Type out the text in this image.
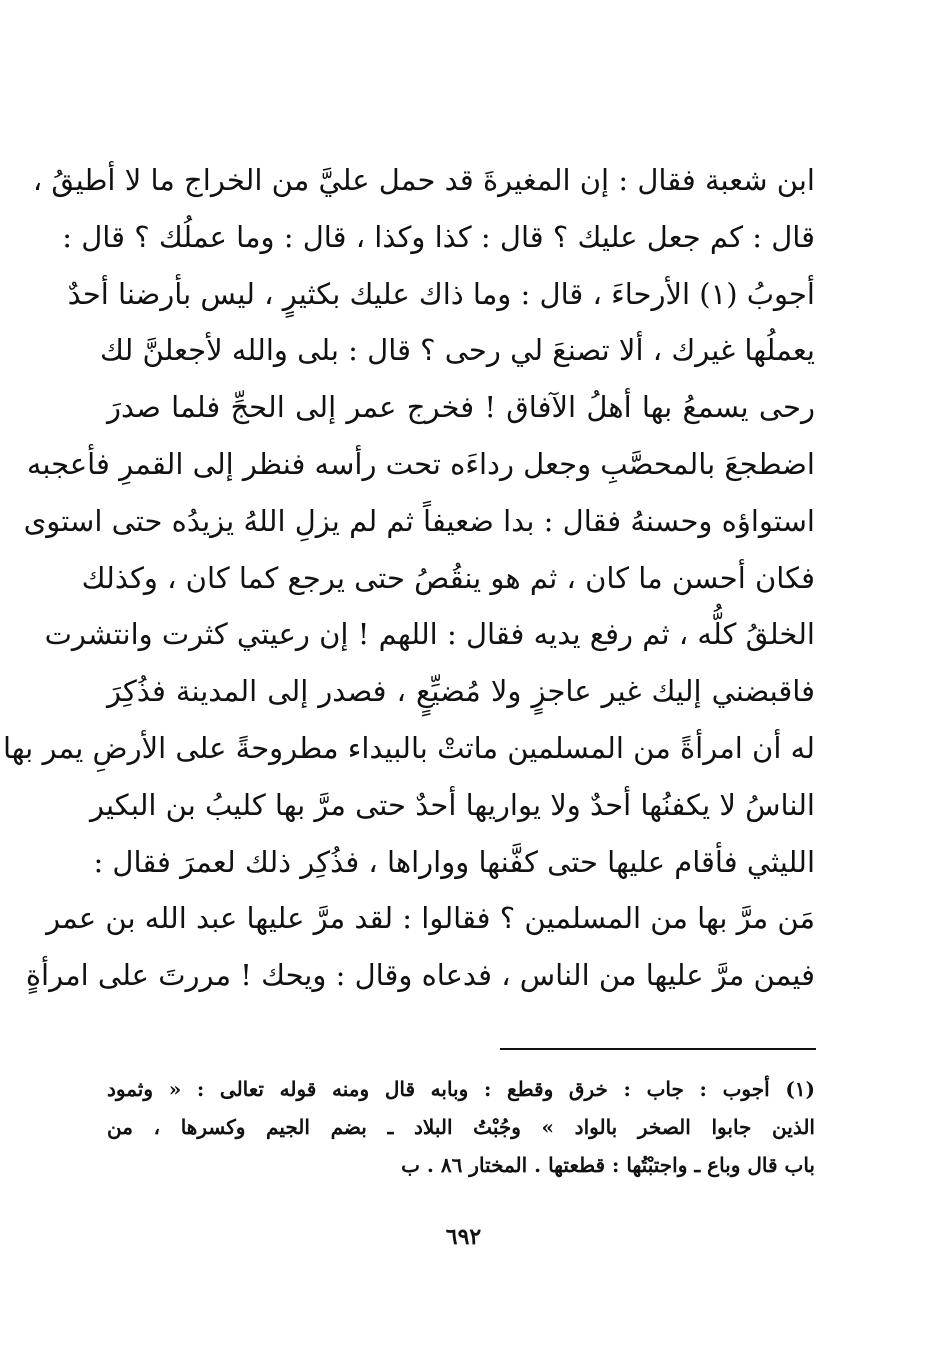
ابن شعبة فقال : إن المغيرةَ قد حمل عليَّ من الخراج ما لا أطيقُ ،
قال : كم جعل عليك ؟ قال : كذا وكذا ، قال : وما عملُك ؟ قال :
أجوبُ (١) الأرحاءَ ، قال : وما ذاك عليك بكثيرٍ ، ليس بأرضنا أحدٌ
يعملُها غيرك ، ألا تصنعَ لي رحى ؟ قال : بلى والله لأجعلنَّ لك
رحى يسمعُ بها أهلُ الآفاق ! فخرج عمر إلى الحجِّ فلما صدرَ
اضطجعَ بالمحصَّبِ وجعل رداءَه تحت رأسه فنظر إلى القمرِ فأعجبه
استواؤه وحسنهُ فقال : بدا ضعيفاً ثم لم يزلِ اللهُ يزيدُه حتى استوى
فكان أحسن ما كان ، ثم هو ينقُصُ حتى يرجع كما كان ، وكذلك
الخلقُ كلُّه ، ثم رفع يديه فقال : اللهم ! إن رعيتي كثرت وانتشرت
فاقبضني إليك غير عاجزٍ ولا مُضيِّعٍ ، فصدر إلى المدينة فذُكِرَ
له أن امرأةً من المسلمين ماتتْ بالبيداء مطروحةً على الأرضِ يمر بها
الناسُ لا يكفنُها أحدٌ ولا يواريها أحدٌ حتى مرَّ بها كليبُ بن البكير
الليثي فأقام عليها حتى كفَّنها وواراها ، فذُكِر ذلك لعمرَ فقال :
مَن مرَّ بها من المسلمين ؟ فقالوا : لقد مرَّ عليها عبد الله بن عمر
فيمن مرَّ عليها من الناس ، فدعاه وقال : ويحك ! مررتَ على امرأةٍ
(١) أجوب : جاب : خرق وقطع : وبابه قال ومنه قوله تعالى : « وثمود
الذين جابوا الصخر بالواد » وجُبْتُ البلاد ـ بضم الجيم وكسرها ، من
باب قال وباع ـ واجتبْتُها : قطعتها . المختار ٨٦ . ب
٦٩٢
